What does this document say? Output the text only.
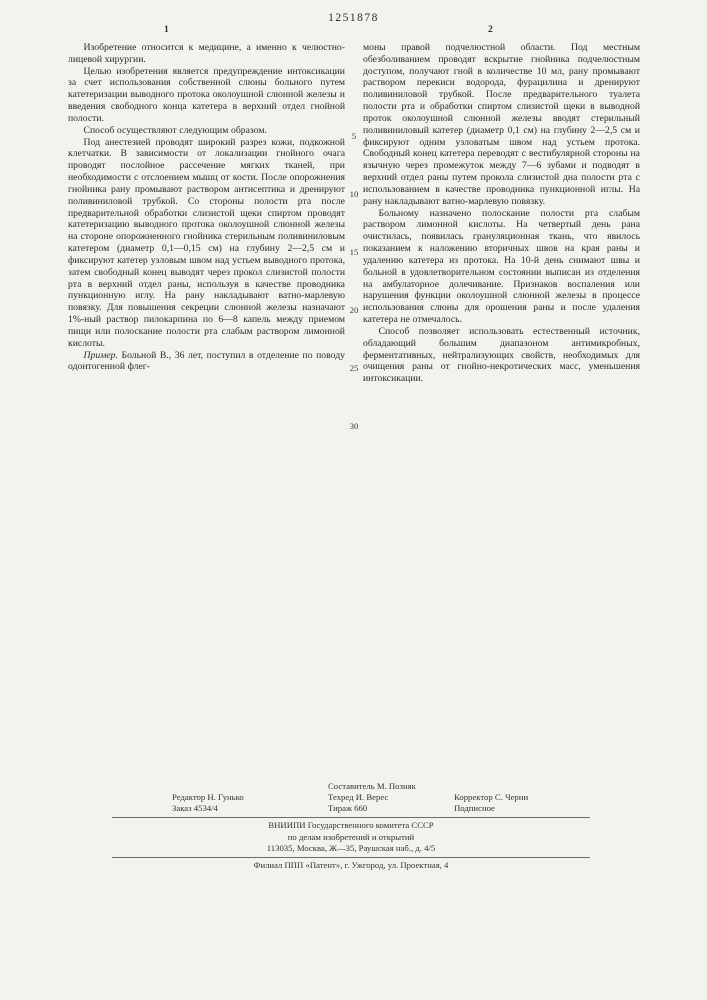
1251878
1	2

Изобретение относится к медицине, а именно к челюстно-лицевой хирургии.

Целью изобретения является предупреждение интоксикации за счет использования собственной слюны больного путем катетеризации выводного протока околоушной слюнной железы и введения свободного конца катетера в верхний отдел гнойной полости.

Способ осуществляют следующим образом.

Под анестезией проводят широкий разрез кожи, подкожной клетчатки. В зависимости от локализации гнойного очага проводят послойное рассечение мягких тканей, при необходимости с отслоением мышц от кости. После опорожнения гнойника рану промывают раствором антисептика и дренируют поливиниловой трубкой. Со стороны полости рта после предварительной обработки слизистой щеки спиртом проводят катетеризацию выводного протока околоушной слюнной железы на стороне опорожненного гнойника стерильным поливиниловым катетером (диаметр 0,1—0,15 см) на глубину 2—2,5 см и фиксируют катетер узловым швом над устьем выводного протока, затем свободный конец выводят через прокол слизистой полости рта в верхний отдел раны, используя в качестве проводника пункционную иглу. На рану накладывают ватно-марлевую повязку. Для повышения секреции слюнной железы назначают 1%-ный раствор пилокарпина по 6—8 капель между приемом пищи или полоскание полости рта слабым раствором лимонной кислоты.

Пример. Больной В., 36 лет, поступил в отделение по поводу одонтогенной флег-

5
10
15
20
25
30

моны правой подчелюстной области. Под местным обезболиванием проводят вскрытие гнойника подчелюстным доступом, получают гной в количестве 10 мл, рану промывают раствором перекиси водорода, фурацилина и дренируют поливиниловой трубкой. После предварительного туалета полости рта и обработки спиртом слизистой щеки в выводной проток околоушной слюнной железы вводят стерильный поливиниловый катетер (диаметр 0,1 см) на глубину 2—2,5 см и фиксируют одним узловатым швом над устьем протока. Свободный конец катетера переводят с вестибулярной стороны на язычную через промежуток между 7—6 зубами и подводят в верхний отдел раны путем прокола слизистой дна полости рта с использованием в качестве проводника пункционной иглы. На рану накладывают ватно-марлевую повязку.

Больному назначено полоскание полости рта слабым раствором лимонной кислоты. На четвертый день рана очистилась, появилась грануляционная ткань, что явилось показанием к наложению вторичных швов на края раны и удалению катетера из протока. На 10-й день снимают швы и больной в удовлетворительном состоянии выписан из отделения на амбулаторное долечивание. Признаков воспаления или нарушения функции околоушной слюнной железы в процессе использования слюны для орошения раны и после удаления катетера не отмечалось.

Способ позволяет использовать естественный источник, обладающий большим диапазоном антимикробных, ферментативных, нейтрализующих свойств, необходимых для очищения раны от гнойно-некротических масс, уменьшения интоксикации.

Составитель М. Позняк
Редактор Н. Гунько	Техред И. Верес	Корректор С. Черни
Заказ 4534/4	Тираж 660	Подписное
ВНИИПИ Государственного комитета СССР
по делам изобретений и открытий
113035, Москва, Ж—35, Раушская наб., д. 4/5
Филиал ППП «Патент», г. Ужгород, ул. Проектная, 4
